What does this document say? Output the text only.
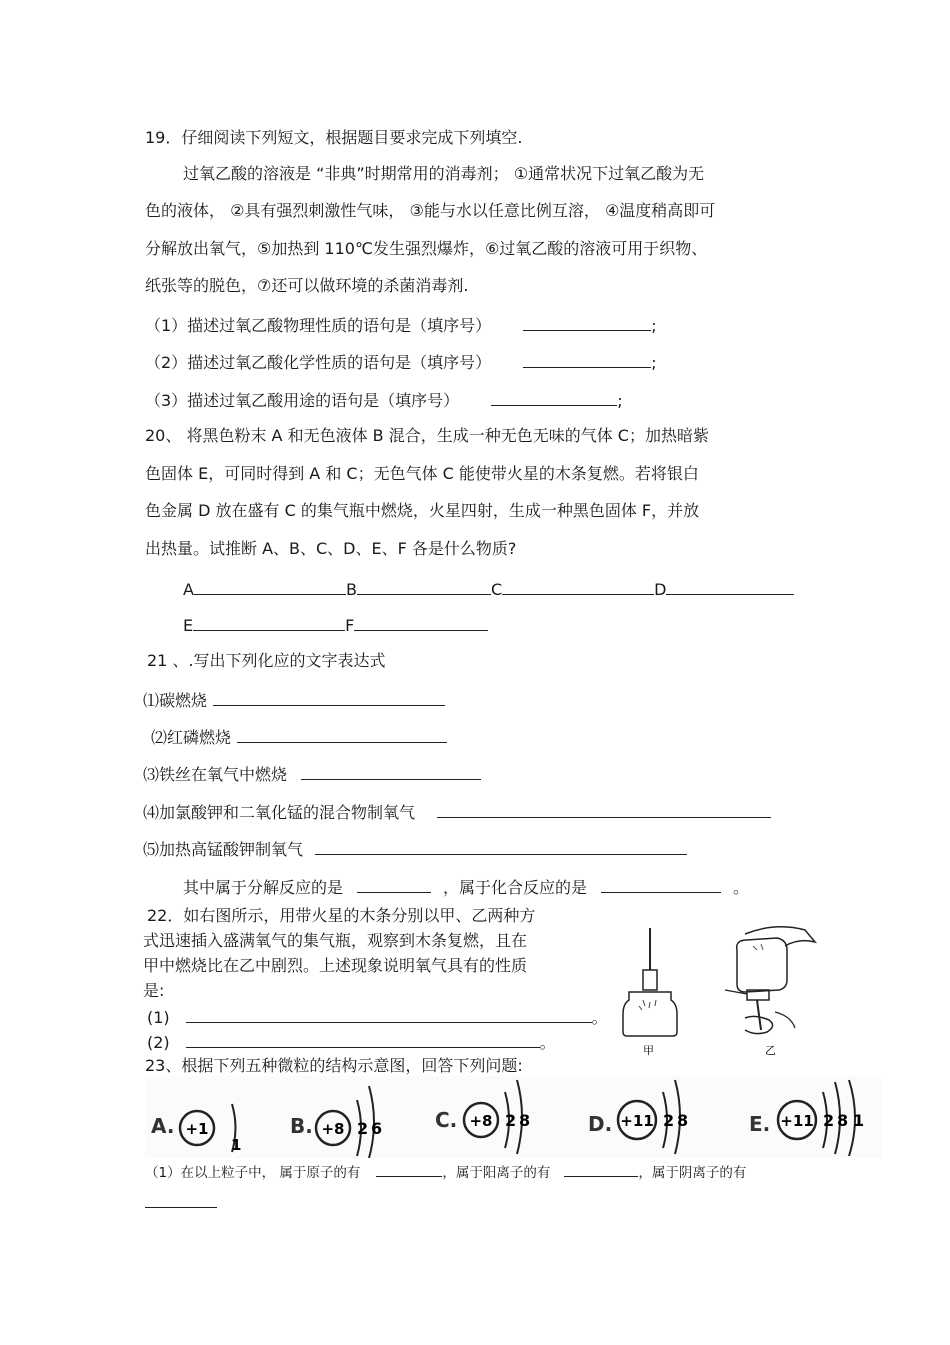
19．仔细阅读下列短文，根据题目要求完成下列填空.
过氧乙酸的溶液是 “非典”时期常用的消毒剂； ①通常状况下过氧乙酸为无
色的液体， ②具有强烈刺激性气味， ③能与水以任意比例互溶， ④温度稍高即可
分解放出氧气，⑤加热到 110℃发生强烈爆炸，⑥过氧乙酸的溶液可用于织物、
纸张等的脱色，⑦还可以做环境的杀菌消毒剂.
（1）描述过氧乙酸物理性质的语句是（填序号）	;
（2）描述过氧乙酸化学性质的语句是（填序号）	;
（3）描述过氧乙酸用途的语句是（填序号）	;
20、 将黑色粉末 A 和无色液体 B 混合，生成一种无色无味的气体 C；加热暗紫
色固体 E，可同时得到 A 和 C；无色气体 C 能使带火星的木条复燃。若将银白
色金属 D 放在盛有 C 的集气瓶中燃烧，火星四射，生成一种黑色固体 F，并放
出热量。试推断 A、B、C、D、E、F 各是什么物质?
A	B	C	D
E	F
21 、.写出下列化应的文字表达式
⑴碳燃烧
⑵红磷燃烧
⑶铁丝在氧气中燃烧
⑷加氯酸钾和二氧化锰的混合物制氧气
⑸加热高锰酸钾制氧气
其中属于分解反应的是	，属于化合反应的是	。
22．如右图所示，用带火星的木条分别以甲、乙两种方
式迅速插入盛满氧气的集气瓶，观察到木条复燃，且在
甲中燃烧比在乙中剧烈。上述现象说明氧气具有的性质
是:
(1)	。
(2)	。	甲	乙
23、根据下列五种微粒的结构示意图，回答下列问题:
A. +1
1
B. +8 2 6	C. +8 2 8	D. +11 2 8	E. +11 2 8 1
（1）在以上粒子中， 属于原子的有	，属于阳离子的有	，属于阴离子的有
